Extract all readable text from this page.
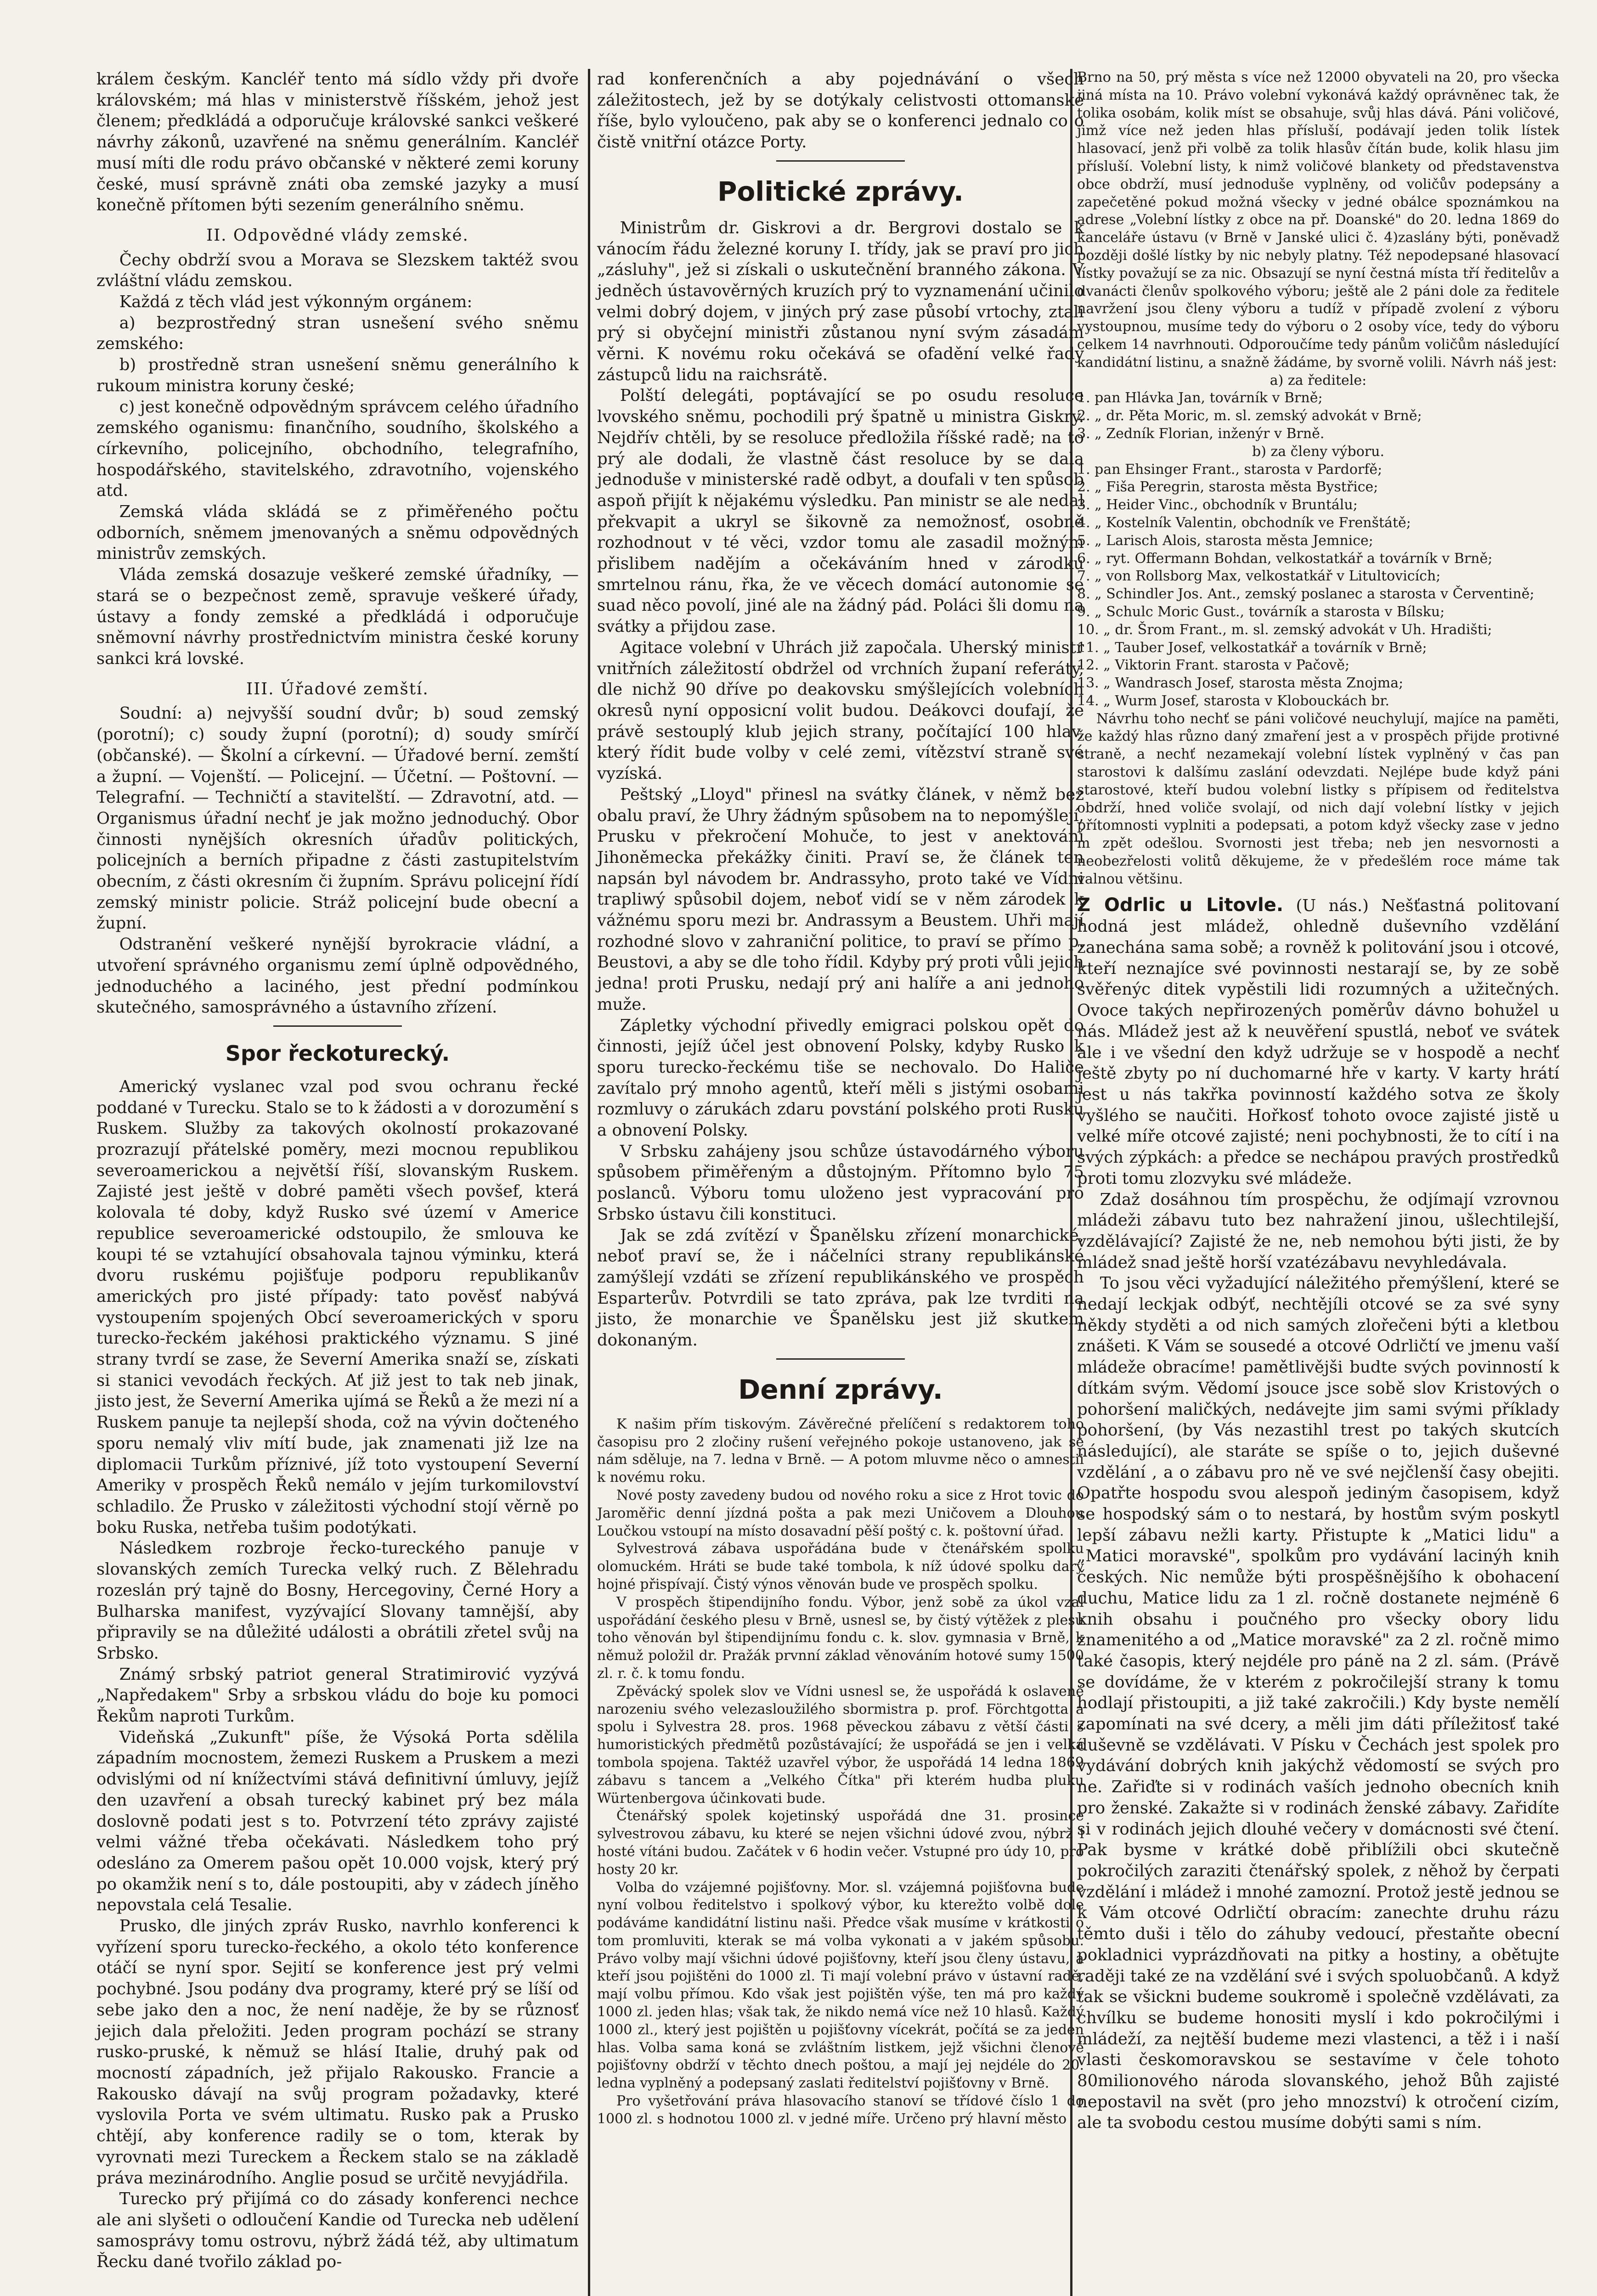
králem českým. Kancléř tento má sídlo vždy při dvoře královském; má hlas v ministerstvě říšském, jehož jest členem; předkládá a odporučuje královské sankci veškeré návrhy zákonů, uzavřené na sněmu generálním. Kancléř musí míti dle rodu právo občanské v některé zemi koruny české, musí správně znáti oba zemské jazyky a musí konečně přítomen býti sezením generálního sněmu.

II. Odpovědné vlády zemské.

Čechy obdrží svou a Morava se Slezskem taktéž svou zvláštní vládu zemskou.

Každá z těch vlád jest výkonným orgánem:

a) bezprostředný stran usnešení svého sněmu zemského:

b) prostředně stran usnešení sněmu generálního k rukoum ministra koruny české;

c) jest konečně odpovědným správcem celého úřadního zemského oganismu: finančního, soudního, školského a církevního, policejního, obchodního, telegrafního, hospodářského, stavitelského, zdravotního, vojenského atd.

Zemská vláda skládá se z přiměřeného počtu odborních, sněmem jmenovaných a sněmu odpovědných ministrův zemských.

Vláda zemská dosazuje veškeré zemské úřadníky, — stará se o bezpečnost země, spravuje veškeré úřady, ústavy a fondy zemské a předkládá i odporučuje sněmovní návrhy prostřednictvím ministra české koruny sankci krá lovské.

III. Úřadové zemští.

Soudní: a) nejvyšší soudní dvůr; b) soud zemský (porotní); c) soudy župní (porotní); d) soudy smírčí (občanské). — Školní a církevní. — Úřadové berní. zemští a župní. — Vojenští. — Policejní. — Účetní. — Poštovní. — Telegrafní. — Techničtí a stavitelští. — Zdravotní, atd. — Organismus úřadní nechť je jak možno jednoduchý. Obor činnosti nynějších okresních úřadův politických, policejních a berních připadne z části zastupitelstvím obecním, z části okresním či župním. Správu policejní řídí zemský ministr policie. Stráž policejní bude obecní a župní.

Odstranění veškeré nynější byrokracie vládní, a utvoření správného organismu zemí úplně odpovědného, jednoduchého a lacinéhо, jest přední podmínkou skutečného, samosprávného a ústavního zřízení.

Spor řeckoturecký.

Americký vyslanec vzal pod svou ochranu řecké poddané v Turecku. Stalo se to k žádosti a v dorozumění s Ruskem. Služby za takových okolností prokazované prozrazují přátelské poměry, mezi mocnou republikou severoamerickou a největší říší, slovanským Ruskem. Zajisté jest ještě v dobré paměti všech povšef, která kolovala té doby, když Rusko své území v Americe republice severoamerické odstoupilo, že smlouva ke koupi té se vztahující obsahovala tajnou výminku, která dvoru ruskému pojišťuje podporu republikanův amerických pro jisté případy: tato pověsť nabývá vystoupením spojených Obcí severoamerických v sporu turecko-řeckém jakéhosi praktického významu. S jiné strany tvrdí se zase, že Severní Amerika snaží se, získati si stanici vevodách řeckých. Ať již jest to tak neb jinak, jisto jest, že Severní Amerika ujímá se Řeků a že mezi ní a Ruskem panuje ta nejlepší shoda, což na vývin dočteného sporu nemalý vliv mítí bude, jak znamenati již lze na diplomacii Turkům příznivé, jíž toto vystoupení Severní Ameriky v prospěch Řeků nemálo v jejím turkomilovství schladilo. Že Prusko v záležitosti východní stojí věrně po boku Ruska, netřeba tušim podotýkati.

Následkem rozbroje řecko-tureckého panuje v slovanských zemích Turecka velký ruch. Z Bělehradu rozeslán prý tajně do Bosny, Hercegoviny, Černé Hory a Bulharska manifest, vyzývající Slovany tamnější, aby připravily se na důležité události a obrátili zřetel svůj na Srbsko.

Známý srbský patriot general Stratimirović vyzývá „Napředakem" Srby a srbskou vládu do boje ku pomoci Řekům naproti Turkům.

Videňská „Zukunft" píše, že Výsoká Porta sdělila západním mocnostem, žemezi Ruskem a Pruskem a mezi odvislými od ní knížectvími stává definitivní úmluvy, jejíž den uzavření a obsah turecký kabinet prý bez mála doslovně podati jest s to. Potvrzení této zprávy zajisté velmi vážné třeba očekávati. Následkem toho prý odesláno za Omerem pašou opět 10.000 vojsk, který prý po okamžik není s to, dále postoupiti, aby v zádech jíněho nepovstala celá Tesalie.

Prusko, dle jiných zpráv Rusko, navrhlo konferenci k vyřízení sporu turecko-řeckého, a okolo této konference otáčí se nyní spor. Sejití se konference jest prý velmi pochybné. Jsou podány dva programy, které prý se líší od sebe jako den a noc, že není naděje, že by se různosť jejich dala přeložiti. Jeden program pochází se strany rusko-pruské, k němuž se hlásí Italie, druhý pak od mocností západních, jež přijalo Rakousko. Francie a Rakousko dávají na svůj program požadavky, které vyslovila Porta ve svém ultimatu. Rusko pak a Prusko chtějí, aby konference radily se o tom, kterak by vyrovnati mezi Tureckem a Řeckem stalo se na základě práva mezinárodního. Anglie posud se určitě nevyjádřila.

Turecko prý přijímá co do zásady konferenci nechce ale ani slyšeti o odloučení Kandie od Turecka neb udělení samosprávy tomu ostrovu, nýbrž žádá též, aby ultimatum Řecku dané tvořilo základ po-

rad konferenčních a aby pojednávání o všech záležitostech, jež by se dotýkaly celistvosti ottomanské říše, bylo vyloučeno, pak aby se o konferenci jednalo co o čistě vnitřní otázce Porty.

Politické zprávy.

Ministrům dr. Giskrovi a dr. Bergrovi dostalo se k vánocím řádu železné koruny I. třídy, jak se praví pro jich „zásluhy", jež si získali o uskutečnění branného zákona. V jedněch ústavověrných kruzích prý to vyznamenání učinilo velmi dobrý dojem, v jiných prý zase působí vrtochy, ztali prý si obyčejní ministři zůstanou nyní svým zásadám věrni. K novému roku očekává se ofadění velké řady zástupců lidu na raichsrátě.

Polští delegáti, poptávající se po osudu resoluce lvovského sněmu, pochodili prý špatně u ministra Giskry. Nejdřív chtěli, by se resoluce předložila říšské radě; na to prý ale dodali, že vlastně část resoluce by se dala jednoduše v ministerské radě odbyt, a doufali v ten spůsob aspoň přijít k nějakému výsledku. Pan ministr se ale nedal překvapit a ukryl se šikovně za nemožnosť, osobně rozhodnout v té věci, vzdor tomu ale zasadil možným přislibem nadějím a očekáváním hned v zárodku smrtelnou ránu, řka, že ve věcech domácí autonomie se suad něco povolí, jiné ale na žádný pád. Poláci šli domu na svátky a přijdou zase.

Agitace volební v Uhrách již započala. Uherský ministr vnitřních záležitostí obdržel od vrchních županí referáty, dle nichž 90 dříve po deakovsku smýšlejících volebních okresů nyní opposicní volit budou. Deákovci doufají, že právě sestouplý klub jejich strany, počítající 100 hlav, který řídit bude volby v celé zemi, vítězství straně své vyzíská.

Peštský „Lloyd" přinesl na svátky článek, v němž bez obalu praví, že Uhry žádným spůsobem na to nepomýšlejí, Prusku v překročení Mohuče, to jest v anektování Jihoněmecka překážky činiti. Praví se, že článek ten napsán byl návodem br. Andrassyho, proto také ve Vídni trapliwý spůsobil dojem, neboť vidí se v něm zárodek k vážnému sporu mezi br. Andrassym a Beustem. Uhři mají rozhodné slovo v zahraniční politice, to praví se přímo p. Beustovi, a aby se dle toho řídil. Kdyby prý proti vůli jejich jedna! proti Prusku, nedají prý ani halíře a ani jednoho muže.

Zápletky východní přivedly emigraci polskou opět do činnosti, jejíž účel jest obnovení Polsky, kdyby Rusko k sporu turecko-řeckému tiše se nechovalo. Do Haliče zavítalo prý mnoho agentů, kteří měli s jistými osobami rozmluvy o zárukách zdaru povstání polského proti Rusku a obnovení Polsky.

V Srbsku zahájeny jsou schůze ústavodárného výboru spůsobem přiměřeným a důstojným. Přítomno bylo 75 poslanců. Výboru tomu uloženo jest vypracování pro Srbsko ústavu čili konstituci.

Jak se zdá zvítězí v Španělsku zřízení monarchické, neboť praví se, že i náčelníci strany republikánské zamýšlejí vzdáti se zřízení republikánského ve prospěch Esparterův. Potvrdili se tato zpráva, pak lze tvrditi na jisto, že monarchie ve Španělsku jest již skutkem dokonaným.

Denní zprávy.

K našim přím tiskovým. Závěrečné přelíčení s redaktorem toho časopisu pro 2 zločiny rušení veřejného pokoje ustanoveno, jak se nám sděluje, na 7. ledna v Brně. — A potom mluvme něco o amnestii k novému roku.

Nové posty zavedeny budou od nového roku a sice z Hrot tovic do Jaroměřic denní jízdná pošta a pak mezi Uničovem a Dlouhou Loučkou vstoupí na místo dosavadní pěší poštý c. k. poštovní úřad.

Sylvestrová zábava uspořádána bude v čtenářském spolku olomuckém. Hráti se bude také tombola, k níž údové spolku dary hojné přispívají. Čistý výnos věnován bude ve prospěch spolku.

V prospěch štipendijního fondu. Výbor, jenž sobě za úkol vzal uspořádání českého plesu v Brně, usnesl se, by čistý výtěžek z plesu toho věnován byl štipendijnímu fondu c. k. slov. gymnasia v Brně, k němuž položil dr. Pražák prvnní základ věnováním hotové sumy 1500 zl. r. č. k tomu fondu.

Zpěvácký spolek slov ve Vídni usnesl se, že uspořádá k oslavené narozeniu svého velezasloužilého sbormistra p. prof. Förchtgotta a spolu i Sylvestra 28. pros. 1968 pěveckou zábavu z větší části s humoristických předmětů pozůstávající; že uspořádá se jen i velká tombola spojena. Taktéž uzavřel výbor, že uspořádá 14 ledna 1869 zábavu s tancem a „Velkého Čítka" při kterém hudba pluku Würtenbergova účinkovati bude.

Čtenářský spolek kojetinský uspořádá dne 31. prosince sylvestrovou zábavu, ku které se nejen všichni údové zvou, nýbrž i hosté vítáni budou. Začátek v 6 hodin večer. Vstupné pro údy 10, pro hosty 20 kr.

Volba do vzájemné pojišťovny. Mor. sl. vzájemná pojišťovna bude nyní volbou ředitelstvo i spolkový výbor, ku kterežto volbě dole podáváme kandidátní listinu naši. Předce však musíme v krátkosti o tom promluviti, kterak se má volba vykonati a v jakém spůsobu. Právo volby mají všichni údové pojišťovny, kteří jsou členy ústavu, a kteří jsou pojištěni do 1000 zl. Ti mají volební právo v ústavní radě, mají volbu přímou. Kdo však jest pojištěn výše, ten má pro každý 1000 zl. jeden hlas; však tak, že nikdo nemá více než 10 hlasů. Každý 1000 zl., který jest pojištěn u pojišťovny vícekrát, počítá se za jeden hlas. Volba sama koná se zvláštním listkem, jejž všichni členové pojišťovny obdrží v těchto dnech poštou, a mají jej nejdéle do 20. ledna vyplněný a podepsaný zaslati ředitelství pojišťovny v Brně.

Pro vyšetřování práva hlasovacího stanoví se třídové číslo 1 do 1000 zl. s hodnotou 1000 zl. v jedné míře. Určeno prý hlavní město

Brno na 50, prý města s více než 12000 obyvateli na 20, pro všecka jiná místa na 10. Právo volební vykonává každý oprávněnec tak, že tolika osobám, kolik míst se obsahuje, svůj hlas dává. Páni voličové, jimž více než jeden hlas přísluší, podávají jeden tolik lístek hlasovací, jenž při volbě za tolik hlasův čítán bude, kolik hlasu jim přísluší. Volební listy, k nimž voličové blankety od představenstva obce obdrží, musí jednoduše vyplněny, od voličův podepsány a zapečetěné pokud možná všecky v jedné obálce spoznámkou na adrese „Volební lístky z obce na př. Doanské" do 20. ledna 1869 do kanceláře ústavu (v Brně v Janské ulici č. 4)zaslány býti, poněvadž později došlé lístky by nic nebyly platny. Též nepodepsané hlasovací lístky považují se za nic. Obsazují se nyní čestná místa tří ředitelův a dvanácti členův spolkového výboru; ještě ale 2 páni dole za ředitele navržení jsou členy výboru a tudíž v případě zvolení z výboru vystoupnou, musíme tedy do výboru o 2 osoby více, tedy do výboru celkem 14 navrhnouti. Odporoučíme tedy pánům voličům následující kandidátní listinu, a snažně žádáme, by svorně volili. Návrh náš jest:

a) za ředitele:

1. pan Hlávka Jan, továrník v Brně;

2. „ dr. Pěta Moric, m. sl. zemský advokát v Brně;

3. „ Zedník Florian, inženýr v Brně.

b) za členy výboru.

1. pan Ehsinger Frant., starosta v Pardorfě;

2. „ Fiša Peregrin, starosta města Bystřice;

3. „ Heider Vinc., obchodník v Bruntálu;

4. „ Kostelník Valentin, obchodník ve Frenštátě;

5. „ Larisch Alois, starosta města Jemnice;

6. „ ryt. Offermann Bohdan, velkostatkář a továrník v Brně;

7. „ von Rollsborg Max, velkostatkář v Litultovicích;

8. „ Schindler Jos. Ant., zemský poslanec a starosta v Červentině;

9. „ Schulc Moric Gust., továrník a starosta v Bílsku;

10. „ dr. Šrom Frant., m. sl. zemský advokát v Uh. Hradišti;

11. „ Tauber Josef, velkostatkář a továrník v Brně;

12. „ Viktorin Frant. starosta v Pačově;

13. „ Wandrasch Josef, starosta města Znojma;

14. „ Wurm Josef, starosta v Klobouckách br.

Návrhu toho nechť se páni voličové neuchylují, majíce na paměti, že každý hlas různo daný zmaření jest a v prospěch přijde protivné straně, a nechť nezamekají volební lístek vyplněný v čas pan starostovi k dalšímu zaslání odevzdati. Nejlépe bude když páni starostové, kteří budou volební listky s přípisem od ředitelstva obdrží, hned voliče svolají, od nich dají volební lístky v jejich přítomnosti vyplniti a podepsati, a potom když všecky zase v jedno m zpět odešlou. Svornosti jest třeba; neb jen nesvornosti a neobezřelosti volitů děkujeme, že v předešlém roce máme tak valnou většinu.

Z Odrlic u Litovle. (U nás.) Nešťastná politovaní hodná jest mládež, ohledně duševního vzdělání zanechána sama sobě; a rovněž k politování jsou i otcové, kteří neznajíce své povinnosti nestarají se, by ze sobě svěřenýc ditek vypěstili lidi rozumných a užitečných. Ovoce takých nepřirozených poměrův dávno bohužel u nás. Mládež jest až k neuvěření spustlá, neboť ve svátek ale i ve všední den když udržuje se v hospodě a nechť ještě zbyty po ní duchomarné hře v karty. V karty hrátí jest u nás takřka povinností každého sotva ze školy vyšlého se naučiti. Hořkosť tohoto ovoce zajisté jistě u velké míře otcové zajisté; neni pochybnosti, že to cítí i na svých zýpkách: a předce se nechápou pravých prostředků proti tomu zlozvyku své mládeže.

Zdaž dosáhnou tím prospěchu, že odjímají vzrovnou mládeži zábavu tuto bez nahražení jinou, ušlechtilejší, vzdělávající? Zajisté že ne, neb nemohou býti jisti, že by mládež snad ještě horší vzatézábavu nevyhledávala.

To jsou věci vyžadující náležitého přemýšlení, které se nedají leckjak odbýť, nechtějíli otcové se za své syny někdy styděti a od nich samých zlořečeni býti a kletbou znášeti. K Vám se sousedé a otcové Odrličtí ve jmenu vaší mládeže obracíme! pamětlivějši budte svých povinností k dítkám svým. Vědomí jsouce jsce sobě slov Kristových o pohoršení maličkých, nedávejte jim sami svými příklady pohoršení, (by Vás nezastihl trest po takých skutcích následující), ale staráte se spíše o to, jejich duševné vzdělání , a o zábavu pro ně ve své nejčlenší časy obejiti. Opatřte hospodu svou alespoň jediným časopisem, když se hospodský sám o to nestará, by hostům svým poskytl lepší zábavu nežli karty. Přistupte k „Matici lidu" a „Matici moravské", spolkům pro vydávání lacinýh knih českých. Nic nemůže býti prospěšnějšího k obohacení duchu, Matice lidu za 1 zl. ročně dostanete nejméně 6 knih obsahu i poučného pro všecky obory lidu znamenitého a od „Matice moravské" za 2 zl. ročně mimo také časopis, který nejdéle pro páně na 2 zl. sám. (Právě se dovídáme, že v kterém z pokročilejší strany k tomu hodlají přistoupiti, a již také zakročili.) Kdy byste nemělí zapomínati na své dcery, a měli jim dáti příležitosť také duševně se vzdělávati. V Písku v Čechách jest spolek pro vydávání dobrých knih jakýchž vědomostí se svých pro ne. Zařiďte si v rodinách vaších jednoho obecních knih pro ženské. Zakažte si v rodinách ženské zábavy. Zařidíte si v rodinách jejich dlouhé večery v domácnosti své čtení. Pak bysme v krátké době přiblížili obci skutečně pokročilých zaraziti čtenářský spolek, z něhož by čerpati vzdělání i mládež i mnohé zamozní. Protož jestě jednou se k Vám otcové Odrličtí obracím: zanechte druhu rázu těmto duši i tělo do záhuby vedoucí, přestaňte obecní pokladnici vyprázdňovati na pitky a hostiny, a obětujte raději také ze na vzdělání své i svých spoluobčanů. A když tak se všickni budeme soukromě i společně vzdělávati, za chvílku se budeme honositi myslí i kdo pokročilými i mládeží, za nejtěší budeme mezi vlastenci, a těž i i naší vlasti českomoravskou se sestavíme v čele tohoto 80milionového národa slovanského, jehož Bůh zajisté nepostavil na svět (pro jeho mnozství) k otročení cizím, ale ta svobodu cestou musíme dobýti sami s ním.
